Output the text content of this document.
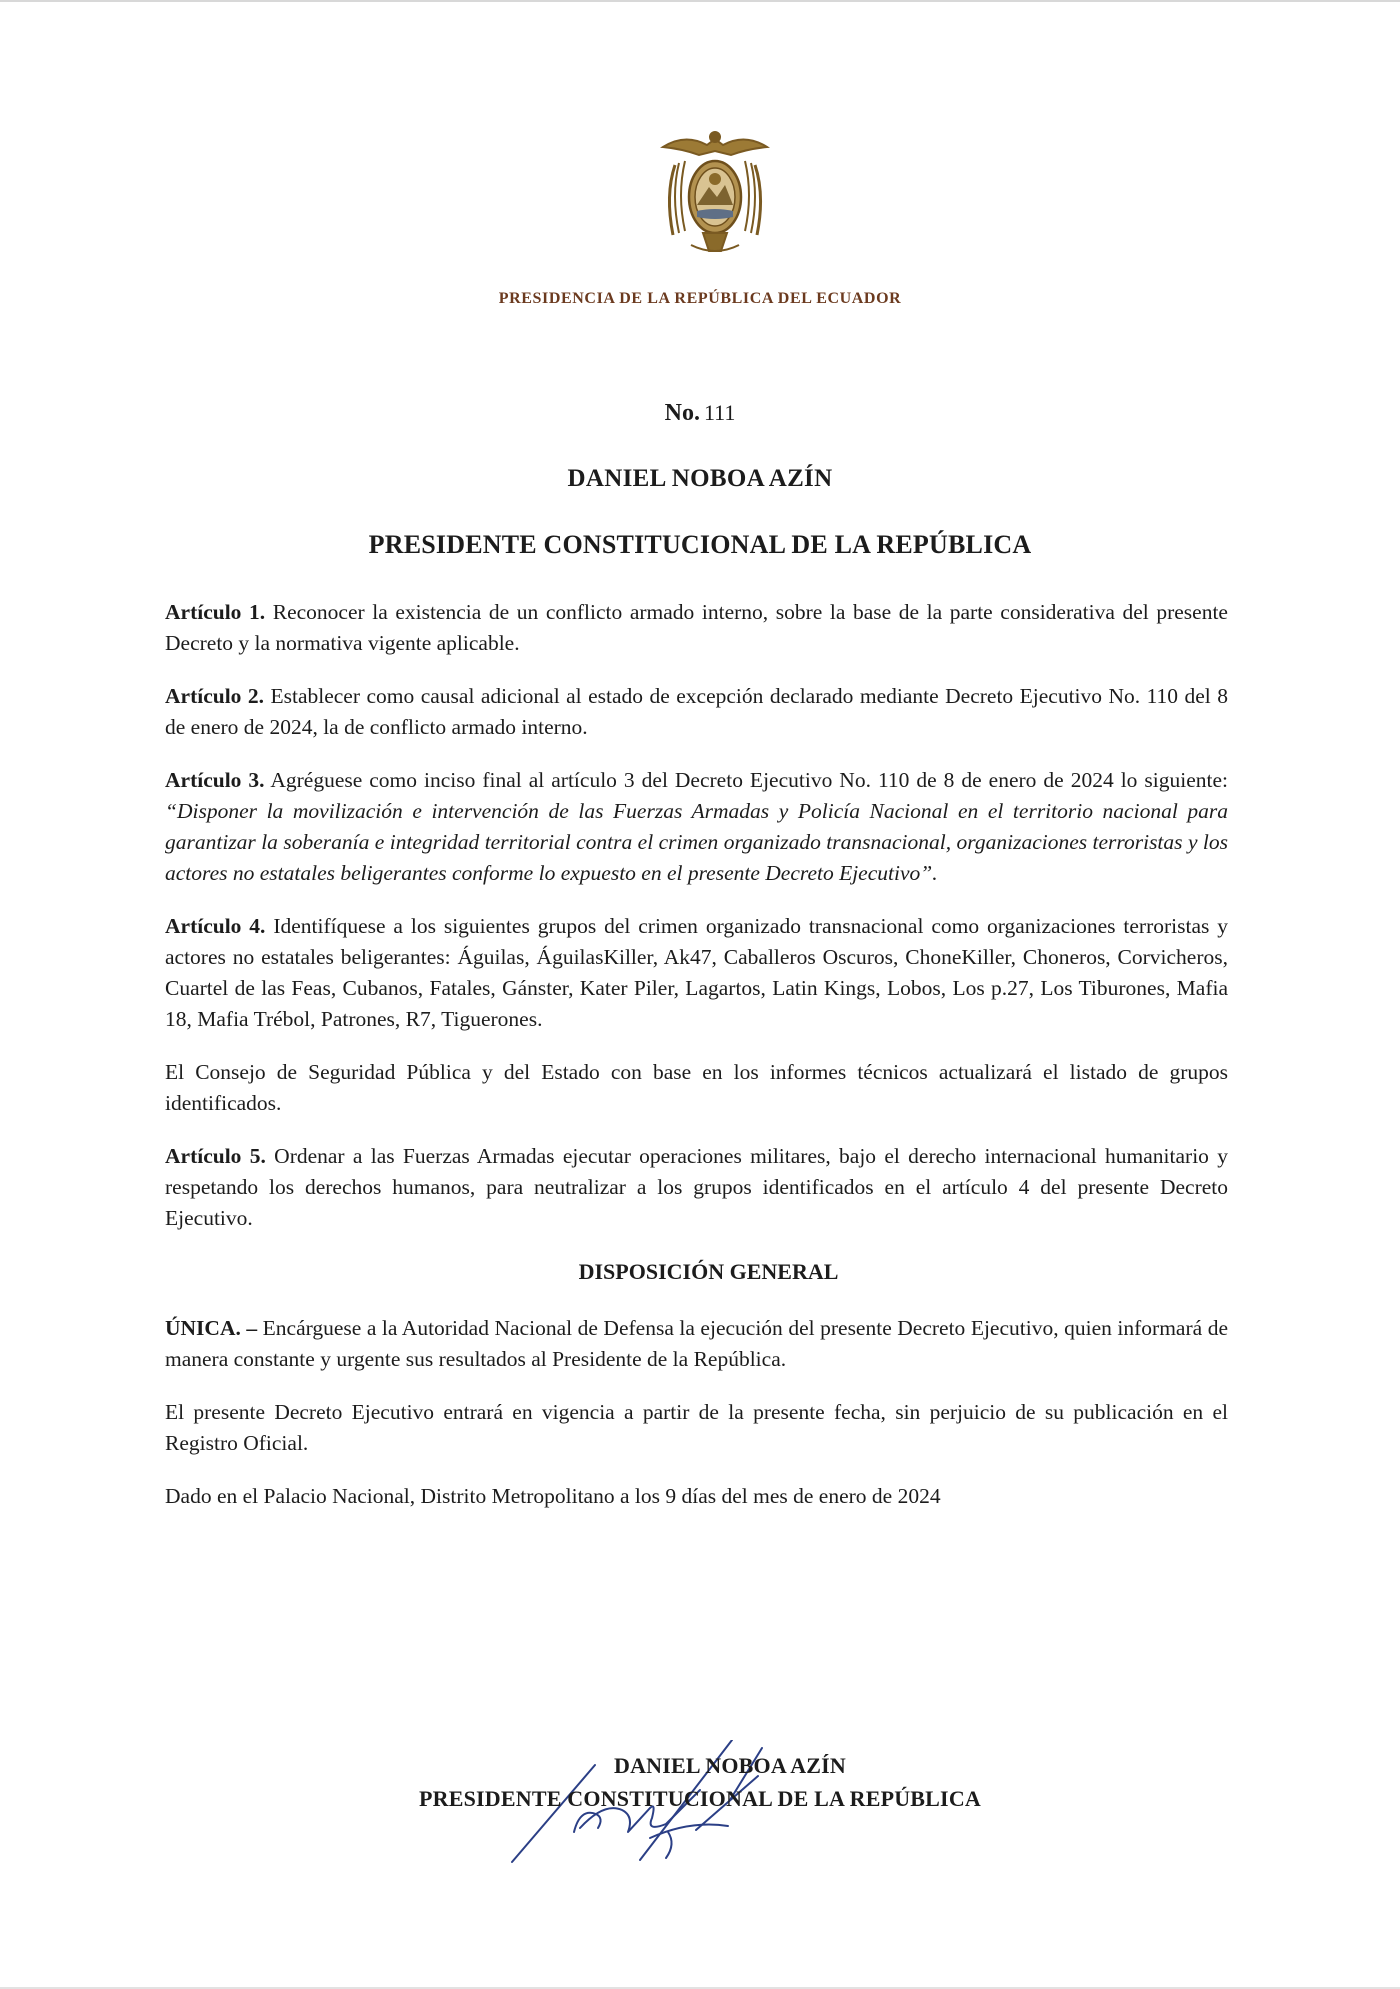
PRESIDENCIA DE LA REPÚBLICA DEL ECUADOR
No. 111
DANIEL NOBOA AZÍN
PRESIDENTE CONSTITUCIONAL DE LA REPÚBLICA

Artículo 1. Reconocer la existencia de un conflicto armado interno, sobre la base de la parte considerativa del presente Decreto y la normativa vigente aplicable.

Artículo 2. Establecer como causal adicional al estado de excepción declarado mediante Decreto Ejecutivo No. 110 del 8 de enero de 2024, la de conflicto armado interno.

Artículo 3. Agréguese como inciso final al artículo 3 del Decreto Ejecutivo No. 110 de 8 de enero de 2024 lo siguiente: “Disponer la movilización e intervención de las Fuerzas Armadas y Policía Nacional en el territorio nacional para garantizar la soberanía e integridad territorial contra el crimen organizado transnacional, organizaciones terroristas y los actores no estatales beligerantes conforme lo expuesto en el presente Decreto Ejecutivo”.

Artículo 4. Identifíquese a los siguientes grupos del crimen organizado transnacional como organizaciones terroristas y actores no estatales beligerantes: Águilas, ÁguilasKiller, Ak47, Caballeros Oscuros, ChoneKiller, Choneros, Corvicheros, Cuartel de las Feas, Cubanos, Fatales, Gánster, Kater Piler, Lagartos, Latin Kings, Lobos, Los p.27, Los Tiburones, Mafia 18, Mafia Trébol, Patrones, R7, Tiguerones.

El Consejo de Seguridad Pública y del Estado con base en los informes técnicos actualizará el listado de grupos identificados.

Artículo 5. Ordenar a las Fuerzas Armadas ejecutar operaciones militares, bajo el derecho internacional humanitario y respetando los derechos humanos, para neutralizar a los grupos identificados en el artículo 4 del presente Decreto Ejecutivo.

DISPOSICIÓN GENERAL

ÚNICA. – Encárguese a la Autoridad Nacional de Defensa la ejecución del presente Decreto Ejecutivo, quien informará de manera constante y urgente sus resultados al Presidente de la República.

El presente Decreto Ejecutivo entrará en vigencia a partir de la presente fecha, sin perjuicio de su publicación en el Registro Oficial.

Dado en el Palacio Nacional, Distrito Metropolitano a los 9 días del mes de enero de 2024

DANIEL NOBOA AZÍN
PRESIDENTE CONSTITUCIONAL DE LA REPÚBLICA
